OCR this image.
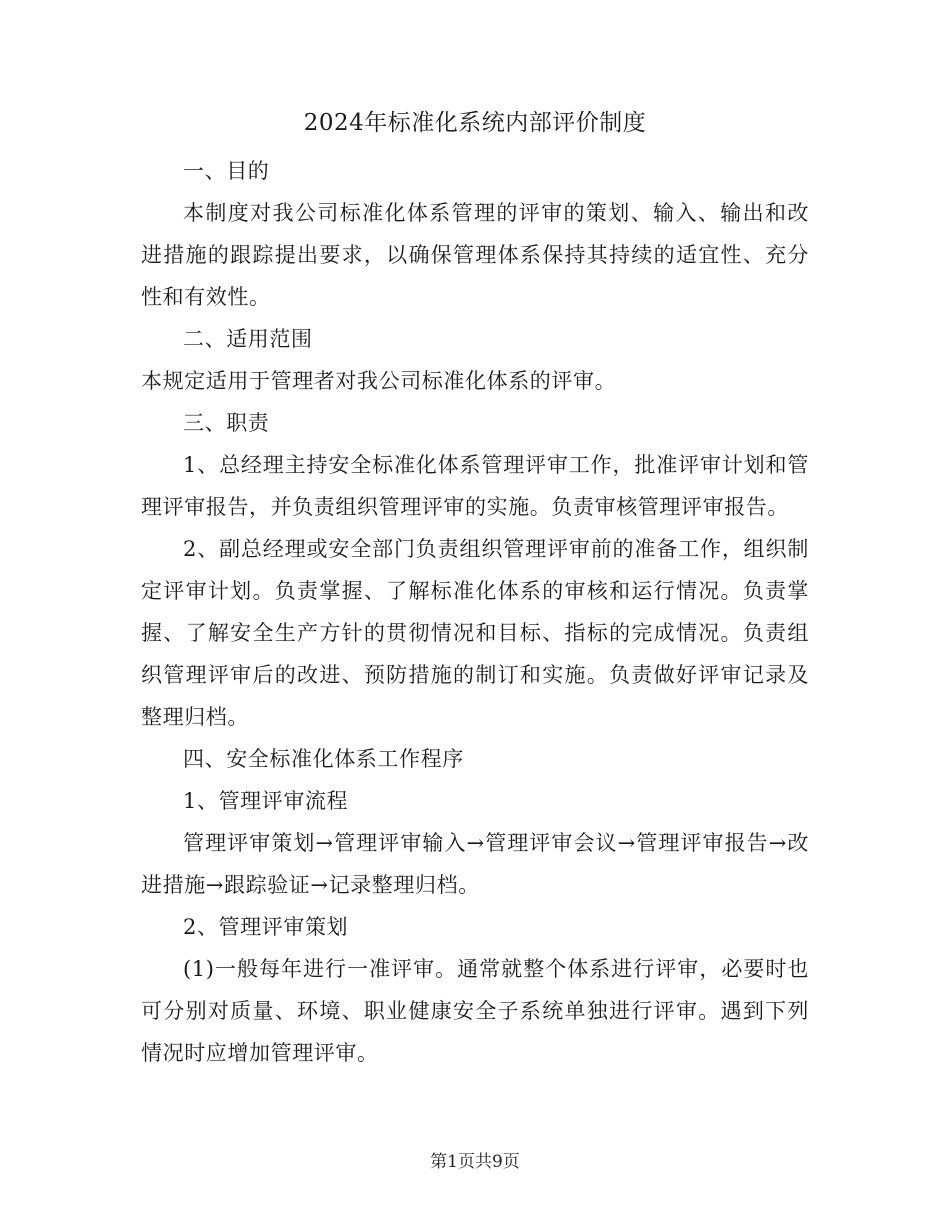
2024年标准化系统内部评价制度

一、目的

本制度对我公司标准化体系管理的评审的策划、输入、输出和改进措施的跟踪提出要求，以确保管理体系保持其持续的适宜性、充分性和有效性。

二、适用范围

本规定适用于管理者对我公司标准化体系的评审。

三、职责

1、总经理主持安全标准化体系管理评审工作，批准评审计划和管理评审报告，并负责组织管理评审的实施。负责审核管理评审报告。

2、副总经理或安全部门负责组织管理评审前的准备工作，组织制定评审计划。负责掌握、了解标准化体系的审核和运行情况。负责掌握、了解安全生产方针的贯彻情况和目标、指标的完成情况。负责组织管理评审后的改进、预防措施的制订和实施。负责做好评审记录及整理归档。

四、安全标准化体系工作程序

1、管理评审流程

管理评审策划→管理评审输入→管理评审会议→管理评审报告→改进措施→跟踪验证→记录整理归档。

2、管理评审策划

(1)一般每年进行一准评审。通常就整个体系进行评审，必要时也可分别对质量、环境、职业健康安全子系统单独进行评审。遇到下列情况时应增加管理评审。

第1页共9页
